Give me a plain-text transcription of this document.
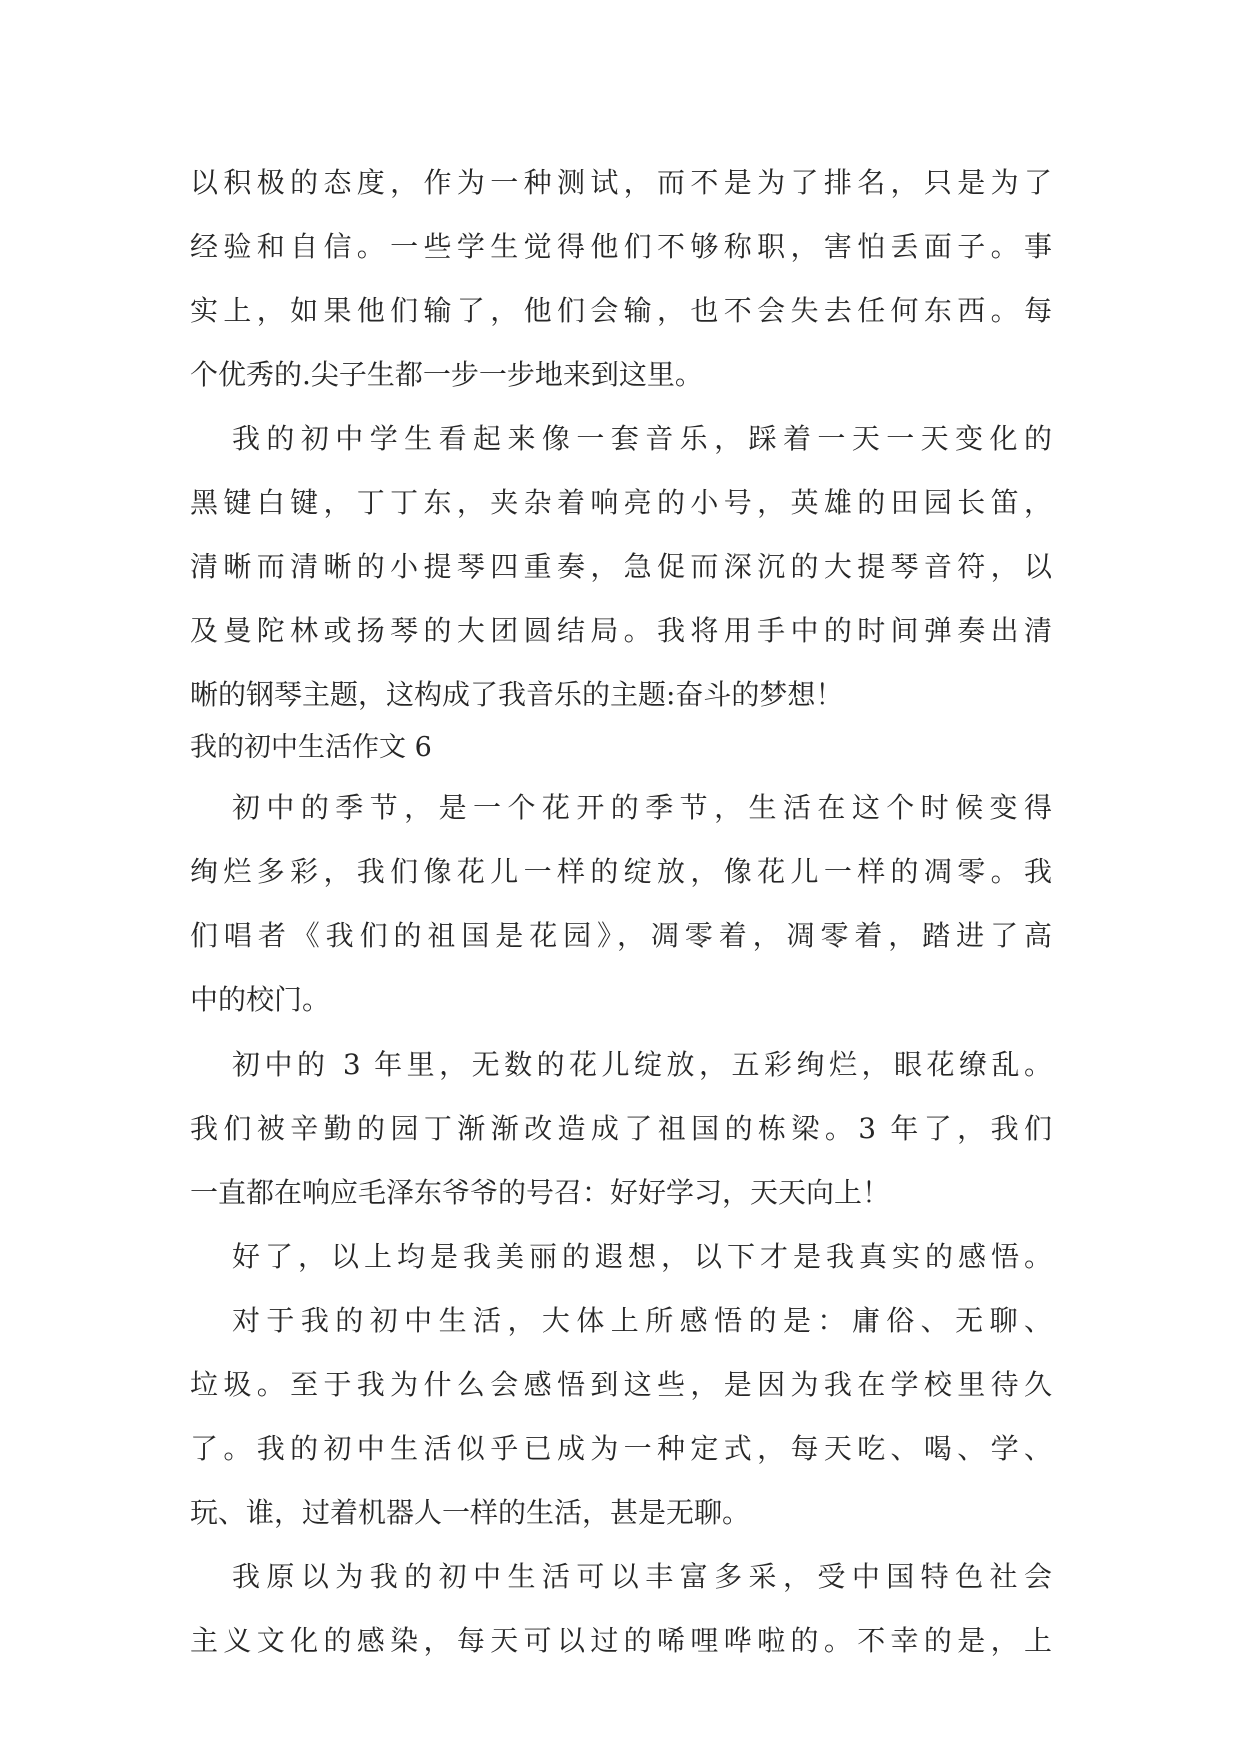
以积极的态度，作为一种测试，而不是为了排名，只是为了
经验和自信。一些学生觉得他们不够称职，害怕丢面子。事
实上，如果他们输了，他们会输，也不会失去任何东西。每
个优秀的.尖子生都一步一步地来到这里。
我的初中学生看起来像一套音乐，踩着一天一天变化的
黑键白键，丁丁东，夹杂着响亮的小号，英雄的田园长笛，
清晰而清晰的小提琴四重奏，急促而深沉的大提琴音符，以
及曼陀林或扬琴的大团圆结局。我将用手中的时间弹奏出清
晰的钢琴主题，这构成了我音乐的主题:奋斗的梦想！
我的初中生活作文 6
初中的季节，是一个花开的季节，生活在这个时候变得
绚烂多彩，我们像花儿一样的绽放，像花儿一样的凋零。我
们唱者《我们的祖国是花园》，凋零着，凋零着，踏进了高
中的校门。
初中的 3 年里，无数的花儿绽放，五彩绚烂，眼花缭乱。
我们被辛勤的园丁渐渐改造成了祖国的栋梁。3 年了，我们
一直都在响应毛泽东爷爷的号召：好好学习，天天向上！
好了，以上均是我美丽的遐想，以下才是我真实的感悟。
对于我的初中生活，大体上所感悟的是：庸俗、无聊、
垃圾。至于我为什么会感悟到这些，是因为我在学校里待久
了。我的初中生活似乎已成为一种定式，每天吃、喝、学、
玩、谁，过着机器人一样的生活，甚是无聊。
我原以为我的初中生活可以丰富多采，受中国特色社会
主义文化的感染，每天可以过的唏哩哗啦的。不幸的是，上
